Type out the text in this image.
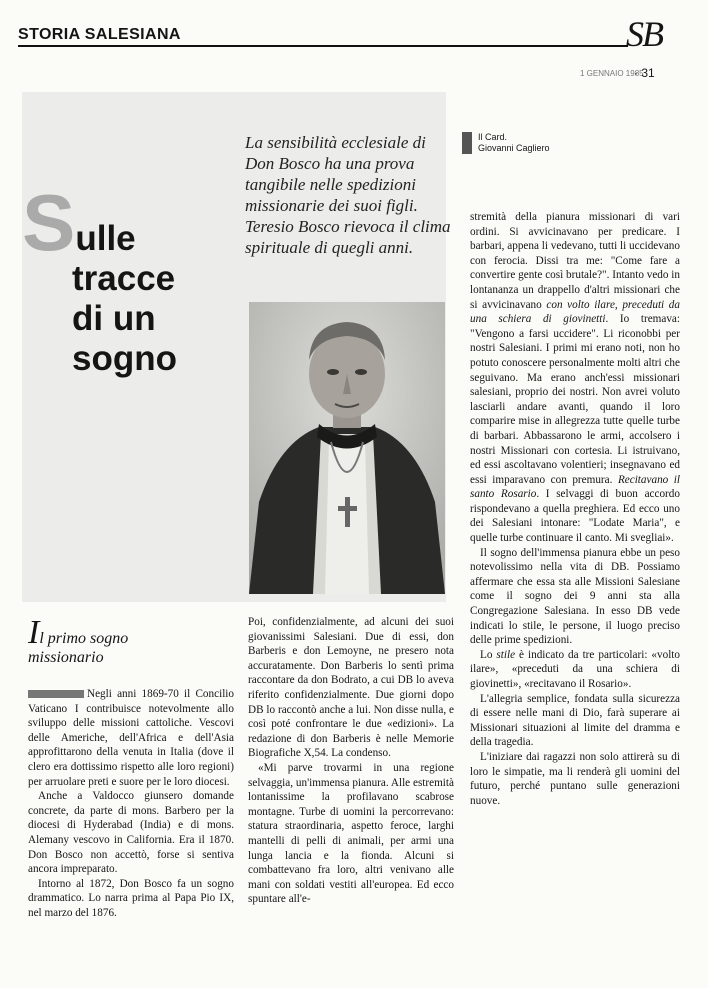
STORIA SALESIANA	SB
1 GENNAIO 1985
· 31
Sulle
tracce
di un
sogno
La sensibilità ecclesiale di Don Bosco ha una prova tangibile nelle spedizioni missionarie dei suoi figli. Teresio Bosco rievoca il clima spirituale di quegli anni.
Il Card.
Giovanni Cagliero
Il primo sogno
missionario

Negli anni 1869-70 il Concilio Vaticano I contribuisce notevolmente allo sviluppo delle missioni cattoliche. Vescovi delle Americhe, dell'Africa e dell'Asia approfittarono della venuta in Italia (dove il clero era dottissimo rispetto alle loro regioni) per arruolare preti e suore per le loro diocesi.

Anche a Valdocco giunsero domande concrete, da parte di mons. Barbero per la diocesi di Hyderabad (India) e di mons. Alemany vescovo in California. Era il 1870. Don Bosco non accettò, forse si sentiva ancora impreparato.

Intorno al 1872, Don Bosco fa un sogno drammatico. Lo narra prima al Papa Pio IX, nel marzo del 1876.

Poi, confidenzialmente, ad alcuni dei suoi giovanissimi Salesiani. Due di essi, don Barberis e don Lemoyne, ne presero nota accuratamente. Don Barberis lo sentì prima raccontare da don Bodrato, a cui DB lo aveva riferito confidenzialmente. Due giorni dopo DB lo raccontò anche a lui. Non disse nulla, e così poté confrontare le due «edizioni». La redazione di don Barberis è nelle Memorie Biografiche X,54. La condenso.

«Mi parve trovarmi in una regione selvaggia, un'immensa pianura. Alle estremità lontanissime la profilavano scabrose montagne. Turbe di uomini la percorrevano: statura straordinaria, aspetto feroce, larghi mantelli di pelli di animali, per armi una lunga lancia e la fionda. Alcuni si combattevano fra loro, altri venivano alle mani con soldati vestiti all'europea. Ed ecco spuntare all'e-

stremità della pianura missionari di vari ordini. Si avvicinavano per predicare. I barbari, appena li vedevano, tutti li uccidevano con ferocia. Dissi tra me: "Come fare a convertire gente così brutale?". Intanto vedo in lontananza un drappello d'altri missionari che si avvicinavano con volto ilare, preceduti da una schiera di giovinetti. Io tremava: "Vengono a farsi uccidere". Li riconobbi per nostri Salesiani. I primi mi erano noti, non ho potuto conoscere personalmente molti altri che seguivano. Ma erano anch'essi missionari salesiani, proprio dei nostri. Non avrei voluto lasciarli andare avanti, quando il loro comparire mise in allegrezza tutte quelle turbe di barbari. Abbassarono le armi, accolsero i nostri Missionari con cortesia. Li istruivano, ed essi ascoltavano volentieri; insegnavano ed essi imparavano con premura. Recitavano il santo Rosario. I selvaggi di buon accordo rispondevano a quella preghiera. Ed ecco uno dei Salesiani intonare: "Lodate Maria", e quelle turbe continuare il canto. Mi svegliai».

Il sogno dell'immensa pianura ebbe un peso notevolissimo nella vita di DB. Possiamo affermare che essa sta alle Missioni Salesiane come il sogno dei 9 anni sta alla Congregazione Salesiana. In esso DB vede indicati lo stile, le persone, il luogo preciso delle prime spedizioni.

Lo stile è indicato da tre particolari: «volto ilare», «preceduti da una schiera di giovinetti», «recitavano il Rosario».

L'allegria semplice, fondata sulla sicurezza di essere nelle mani di Dio, farà superare ai Missionari situazioni al limite del dramma e della tragedia.

L'iniziare dai ragazzi non solo attirerà su di loro le simpatie, ma li renderà gli uomini del futuro, perché puntano sulle generazioni nuove.
